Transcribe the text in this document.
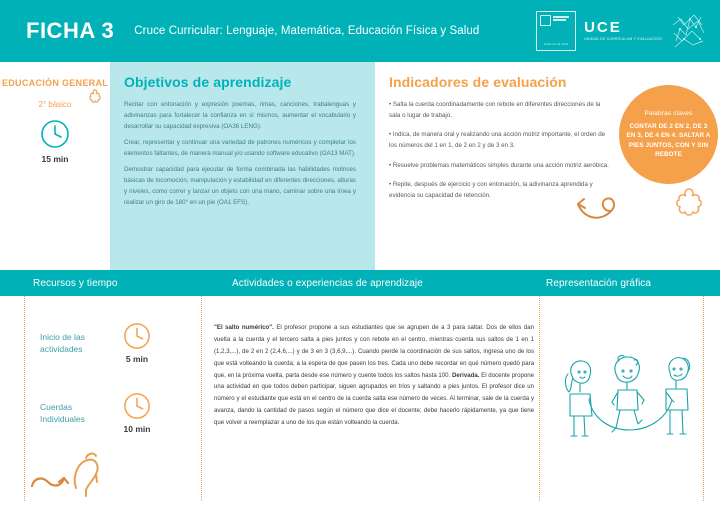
FICHA 3 Cruce Curricular: Lenguaje, Matemática, Educación Física y Salud
Gobierno de Chile
UCE
UNIDAD DE CURRÍCULUM Y EVALUACIÓN
EDUCACIÓN GENERAL
2° básico
15 min
Objetivos de aprendizaje
Recitar con entonación y expresión poemas, rimas, canciones, trabalenguas y adivinanzas para fortalecer la confianza en sí mismos, aumentar el vocabulario y desarrollar su capacidad expresiva (OA36 LENG).
Crear, representar y continuar una variedad de patrones numéricos y completar los elementos faltantes, de manera manual y/o usando software educativo (OA13 MAT).
Demostrar capacidad para ejecutar de forma combinada las habilidades motrices básicas de locomoción, manipulación y estabilidad en diferentes direcciones, alturas y niveles, como correr y lanzar un objeto con una mano, caminar sobre una línea y realizar un giro de 180° en un pie (OA1 EFS).
Indicadores de evaluación
• Salta la cuerda coordinadamente con rebote en diferentes direcciones de la sala o lugar de trabajo.
• Indica, de manera oral y realizando una acción motriz importante, el orden de los números del 1 en 1, de 2 en 2 y de 3 en 3.
• Resuelve problemas matemáticos simples durante una acción motriz aeróbica.
• Repite, después de ejercicio y con entonación, la adivinanza aprendida y evidencia su capacidad de retención.
Palabras claves
CONTAR DE 2 EN 2, DE 3 EN 3, DE 4 EN 4. SALTAR A PIES JUNTOS, CON Y SIN REBOTE
Recursos y tiempo	Actividades o experiencias de aprendizaje	Representación gráfica
Inicio de las actividades
5 min
Cuerdas Individuales
10 min
"El salto numérico". El profesor propone a sus estudiantes que se agrupen de a 3 para saltar. Dos de ellos dan vuelta a la cuerda y el tercero salta a pies juntos y con rebote en el centro, mientras cuenta sus saltos de 1 en 1 (1,2,3,...), de 2 en 2 (2,4,6,...) y de 3 en 3 (3,6,9,...). Cuando pierde la coordinación de sus saltos, ingresa uno de los que está volteando la cuerda; a la espera de que pasen los tres. Cada uno debe recordar en qué número quedó para que, en la próxima vuelta, parta desde ese número y cuente todos los saltos hasta 100. Derivada. El docente propone una actividad en que todos deben participar, siguen agrupados en trios y saltando a pies juntos. El profesor dice un número y el estudiante que está en el centro de la cuerda salta ese número de veces. Al terminar, sale de la cuerda y avanza, dando la cantidad de pasos según el número que dice el docente; debe hacerlo rápidamente, ya que tiene que volver a reemplazar a uno de los que están volteando la cuerda.
